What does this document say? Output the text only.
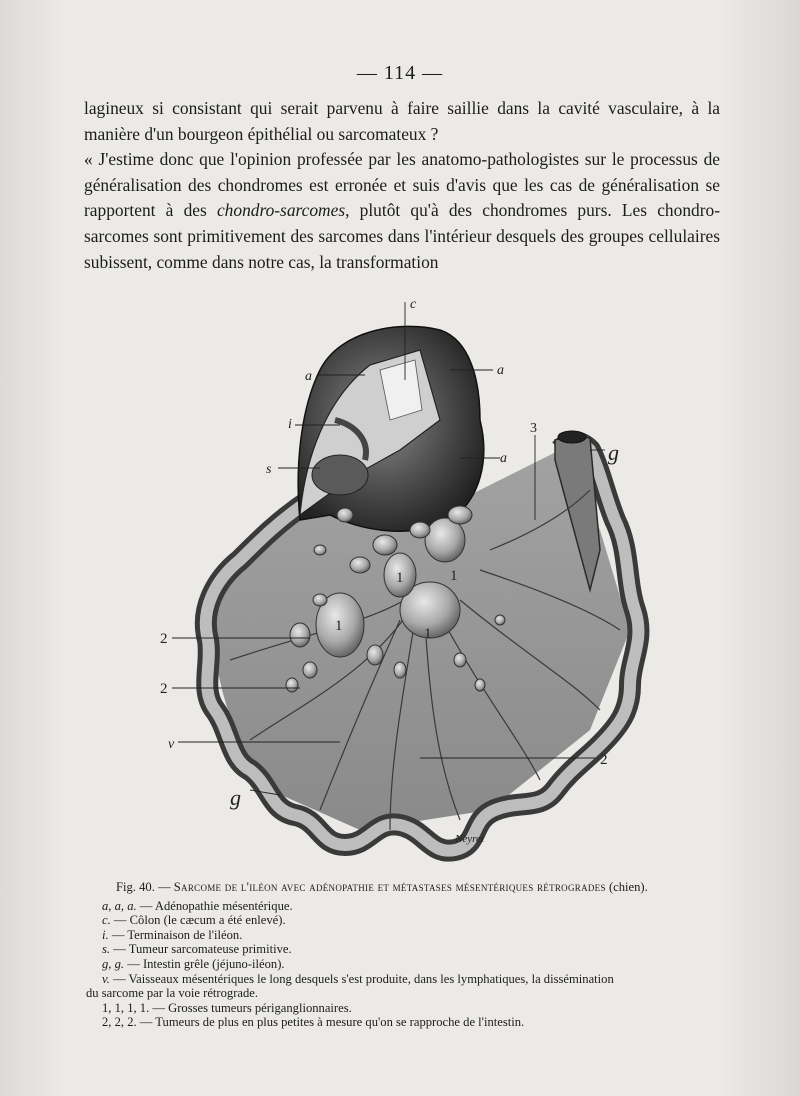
— 114 —

lagineux si consistant qui serait parvenu à faire saillie dans la cavité vasculaire, à la manière d'un bourgeon épithélial ou sarcomateux ?

« J'estime donc que l'opinion professée par les anatomo-pathologistes sur le processus de généralisation des chondromes est erronée et suis d'avis que les cas de généralisation se rapportent à des chondro-sarcomes, plutôt qu'à des chondromes purs. Les chondro-sarcomes sont primitivement des sarcomes dans l'intérieur desquels des groupes cellulaires subissent, comme dans notre cas, la transformation

1	1
1	1
c
a	a
a
i
s
3
g
2
2
2
v
g
Neyret
Fig. 40. — Sarcome de l'iléon avec adénopathie et métastases mésentériques rétrogrades (chien).
a, a, a. — Adénopathie mésentérique.
c. — Côlon (le cæcum a été enlevé).
i. — Terminaison de l'iléon.
s. — Tumeur sarcomateuse primitive.
g, g. — Intestin grêle (jéjuno-iléon).
v. — Vaisseaux mésentériques le long desquels s'est produite, dans les lymphatiques, la dissémination
du sarcome par la voie rétrograde.
1, 1, 1, 1. — Grosses tumeurs périganglionnaires.
2, 2, 2. — Tumeurs de plus en plus petites à mesure qu'on se rapproche de l'intestin.
